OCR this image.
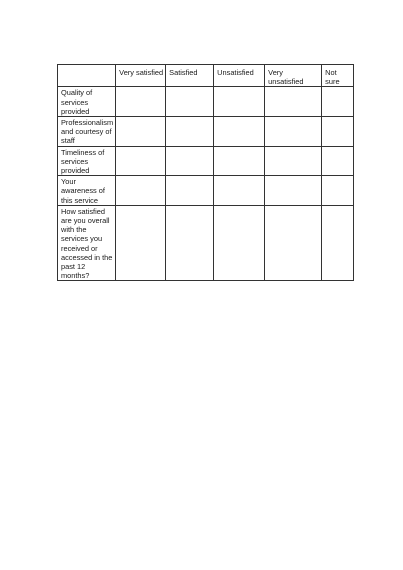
	Very satisfied	Satisfied	Unsatisfied	Very unsatisfied	Not sure
Quality of services provided					
Professionalism and courtesy of staff					
Timeliness of services provided					
Your awareness of this service					
How satisfied are you overall with the services you received or accessed in the past 12 months?					
